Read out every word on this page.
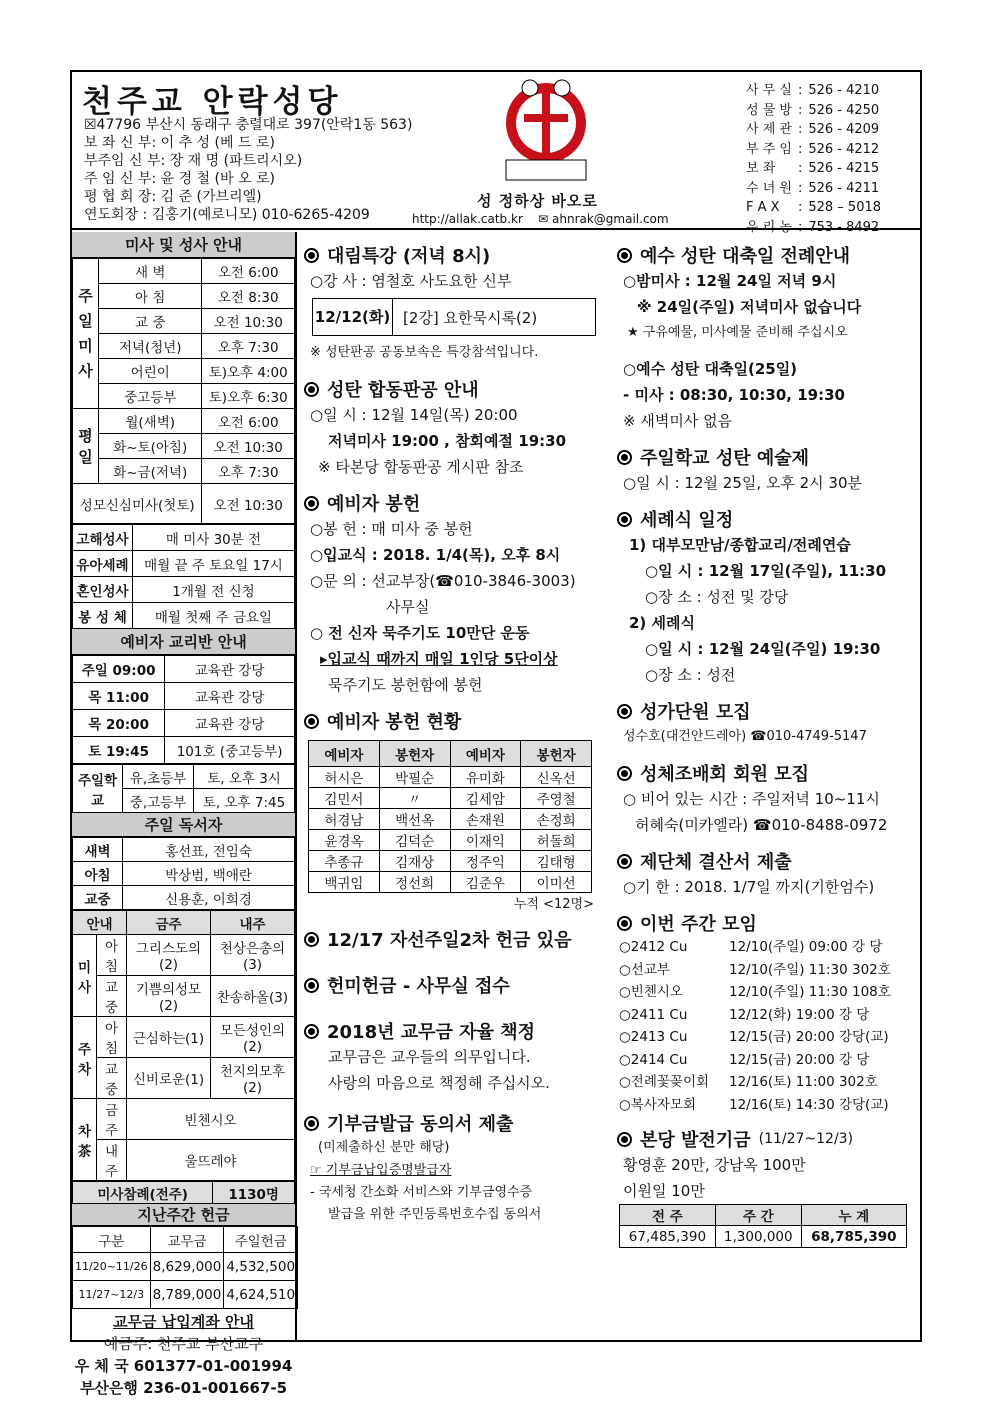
천주교 안락성당
☒47796 부산시 동래구 충렬대로 397(안락1동 563)
보 좌 신 부: 이 추 성 (베 드 로)
부주임 신 부: 장 재 명 (파트리시오)
주 임 신 부: 윤 경 철 (바 오 로)
평 협 회 장: 김 준 (가브리엘)
연도회장 : 김홍기(예로니모) 010-6265-4209
성 정하상 바오로
http://allak.catb.kr ✉ ahnrak@gmail.com
사 무 실	:	526 - 4210
성 물 방	:	526 - 4250
사 제 관	:	526 - 4209
부 주 임	:	526 - 4212
보 좌	:	526 - 4215
수 녀 원	:	526 - 4211
F A X	:	528 – 5018
우 리 농	:	753 - 8492
미사 및 성사 안내
주일미사	새 벽	오전 6:00
	아 침	오전 8:30
	교 중	오전 10:30
	저녁(청년)	오후 7:30
	어린이	토)오후 4:00
	중고등부	토)오후 6:30
평일	월(새벽)	오전 6:00
	화~토(아침)	오전 10:30
	화~금(저녁)	오후 7:30
성모신심미사(첫토)		오전 10:30
고해성사	매 미사 30분 전
유아세례	매월 끝 주 토요일 17시
혼인성사	1개월 전 신청
봉 성 체	매월 첫째 주 금요일
예비자 교리반 안내
주일 09:00	교육관 강당
목 11:00	교육관 강당
목 20:00	교육관 강당
토 19:45	101호 (중고등부)
주일학교	유,초등부	토, 오후 3시
	중,고등부	토, 오후 7:45
주일 독서자
새벽	홍선표, 전임숙
아침	박상범, 백애란
교중	신용훈, 이희경
안내		금주	내주
미사	아침	그리스도의(2)	천상은총의(3)
	교중	기쁨의성모(2)	찬송하올(3)
주차	아침	근심하는(1)	모든성인의(2)
	교중	신비로운(1)	천지의모후(2)
차茶	금주	빈첸시오	
	내주	울뜨레야	
미사참례(전주)	1130명
지난주간 헌금
구분	교무금	주일헌금
11/20~11/26	8,629,000	4,532,500
11/27~12/3	8,789,000	4,624,510
교무금 납입계좌 안내
예금주: 천주교 부산교구
우 체 국 601377-01-001994
부산은행 236-01-001667-5
대림특강 (저녁 8시)
○강 사 : 염철호 사도요한 신부
12/12(화) [2강] 요한묵시록(2)
※ 성탄판공 공동보속은 특강참석입니다.
성탄 합동판공 안내
○일 시 : 12월 14일(목) 20:00
저녁미사 19:00 , 참회예절 19:30
※ 타본당 합동판공 게시판 참조
예비자 봉헌
○봉 헌 : 매 미사 중 봉헌
○입교식 : 2018. 1/4(목), 오후 8시
○문 의 : 선교부장(☎010-3846-3003)
사무실
○ 전 신자 묵주기도 10만단 운동
▸입교식 때까지 매일 1인당 5단이상
묵주기도 봉헌함에 봉헌
예비자 봉헌 현황
예비자	봉헌자	예비자	봉헌자
허시은	박필순	유미화	신옥선
김민서	〃	김세암	주영철
허경남	백선옥	손재원	손정희
윤경옥	김덕순	이재익	허돌희
추종규	김재상	정주익	김태형
백귀임	정선희	김준우	이미선
누적 <12명>
12/17 자선주일2차 헌금 있음
헌미헌금 - 사무실 접수
2018년 교무금 자율 책정
교무금은 교우들의 의무입니다.
사랑의 마음으로 책정해 주십시오.
기부금발급 동의서 제출
(미제출하신 분만 해당)
☞ 기부금납입증명발급자
- 국세청 간소화 서비스와 기부금영수증
발급을 위한 주민등록번호수집 동의서
예수 성탄 대축일 전례안내
○밤미사 : 12월 24일 저녁 9시
※ 24일(주일) 저녁미사 없습니다
★ 구유예물, 미사예물 준비해 주십시오
○예수 성탄 대축일(25일)
- 미사 : 08:30, 10:30, 19:30
※ 새벽미사 없음
주일학교 성탄 예술제
○일 시 : 12월 25일, 오후 2시 30분
세례식 일정
1) 대부모만남/종합교리/전례연습
○일 시 : 12월 17일(주일), 11:30
○장 소 : 성전 및 강당
2) 세례식
○일 시 : 12월 24일(주일) 19:30
○장 소 : 성전
성가단원 모집
성수호(대건안드레아) ☎010-4749-5147
성체조배회 회원 모집
○ 비어 있는 시간 : 주일저녁 10~11시
허혜숙(미카엘라) ☎010-8488-0972
제단체 결산서 제출
○기 한 : 2018. 1/7일 까지(기한엄수)
이번 주간 모임
○2412 Cu	12/10(주일) 09:00 강 당
○선교부	12/10(주일) 11:30 302호
○빈첸시오	12/10(주일) 11:30 108호
○2411 Cu	12/12(화) 19:00 강 당
○2413 Cu	12/15(금) 20:00 강당(교)
○2414 Cu	12/15(금) 20:00 강 당
○전례꽃꽂이회	12/16(토) 11:00 302호
○복사자모회	12/16(토) 14:30 강당(교)
본당 발전기금 (11/27~12/3)
황영훈 20만, 강남옥 100만
이원일 10만
전 주	주 간	누 계
67,485,390	1,300,000	68,785,390
